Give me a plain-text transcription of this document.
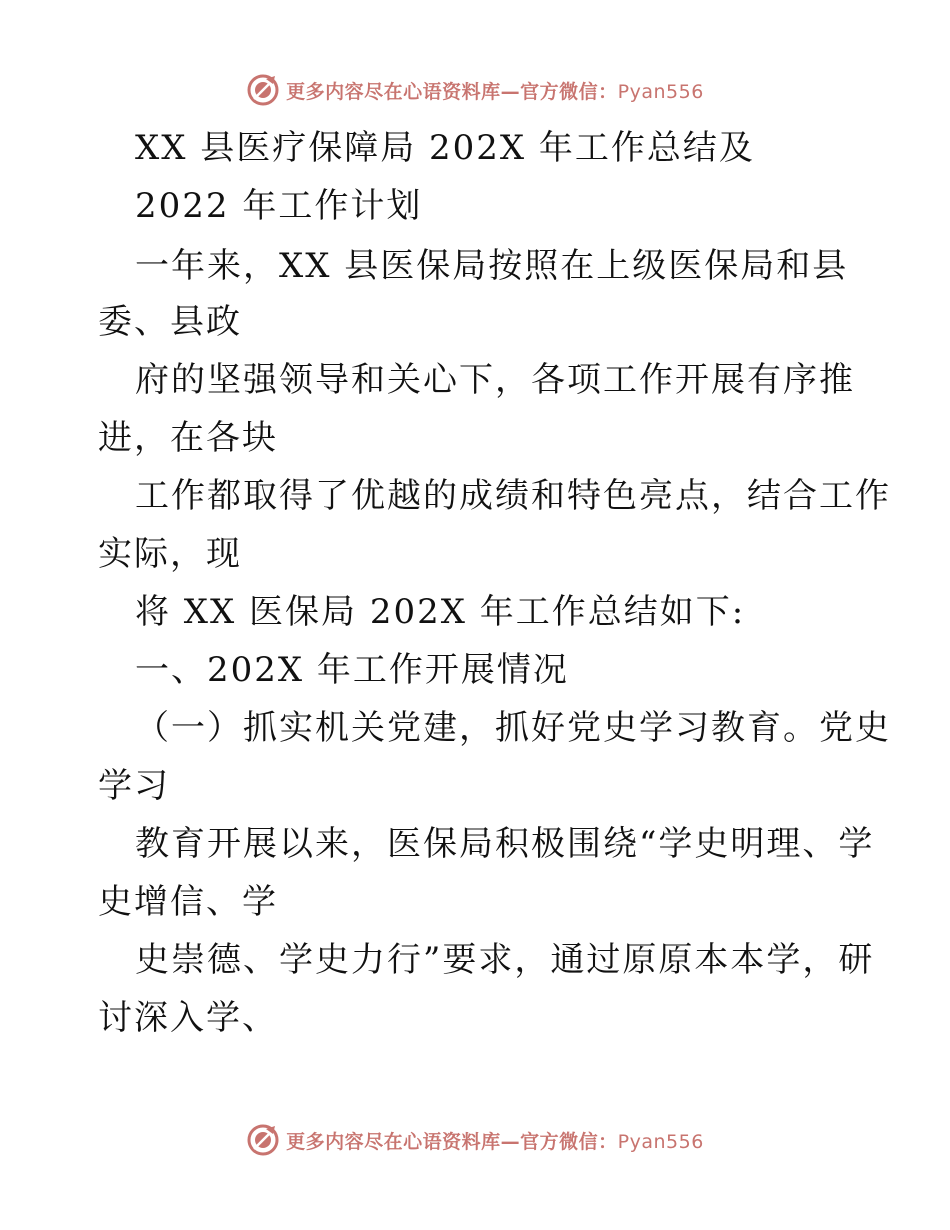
更多内容尽在心语资料库—官方微信：Pyan556
XX 县医疗保障局 202X 年工作总结及
2022 年工作计划
一年来，XX 县医保局按照在上级医保局和县
委、县政
府的坚强领导和关心下，各项工作开展有序推
进，在各块
工作都取得了优越的成绩和特色亮点，结合工作
实际，现
将 XX 医保局 202X 年工作总结如下:
一、202X 年工作开展情况
（一）抓实机关党建，抓好党史学习教育。党史
学习
教育开展以来，医保局积极围绕“学史明理、学
史增信、学
史崇德、学史力行”要求，通过原原本本学，研
讨深入学、
更多内容尽在心语资料库—官方微信：Pyan556
